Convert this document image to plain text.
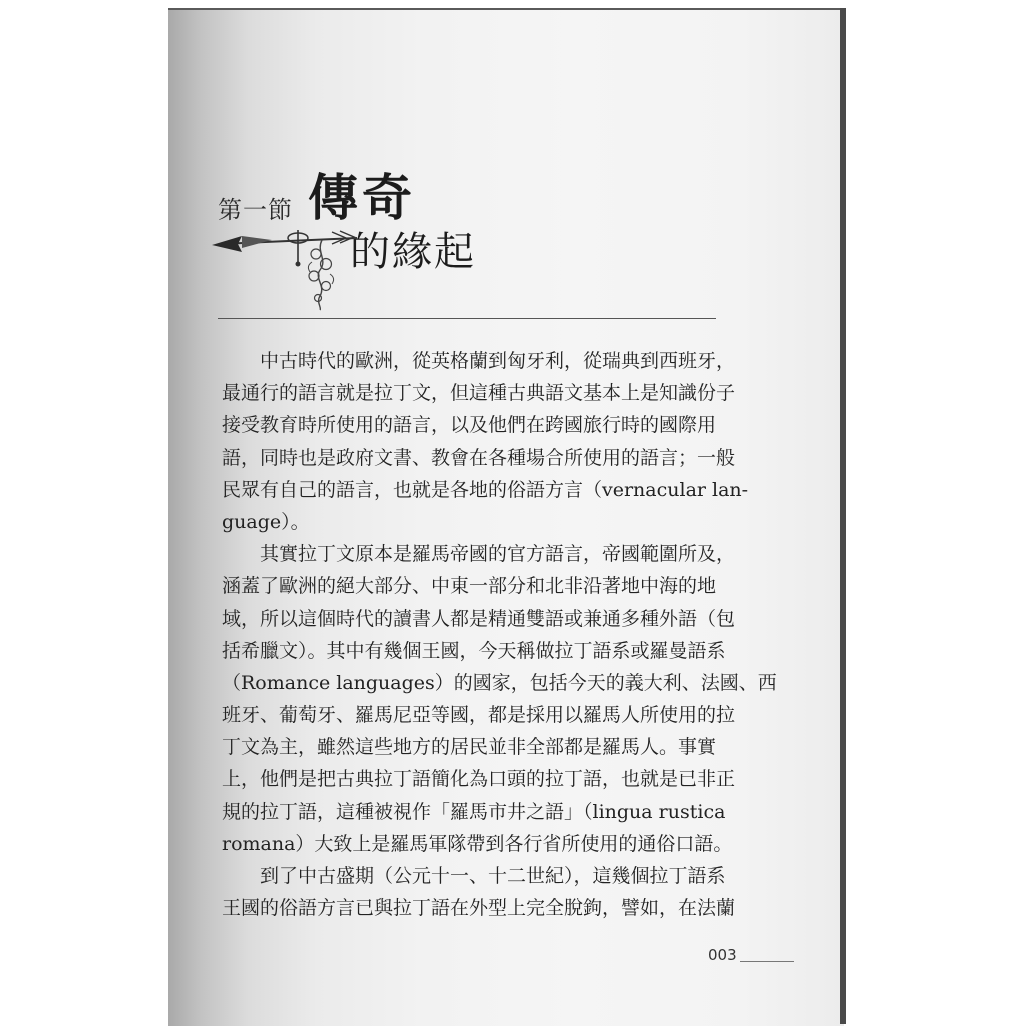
第一節 傳奇
的緣起
中古時代的歐洲，從英格蘭到匈牙利，從瑞典到西班牙，
最通行的語言就是拉丁文，但這種古典語文基本上是知識份子
接受教育時所使用的語言，以及他們在跨國旅行時的國際用
語，同時也是政府文書、教會在各種場合所使用的語言；一般
民眾有自己的語言，也就是各地的俗語方言（vernacular lan-
guage）。
其實拉丁文原本是羅馬帝國的官方語言，帝國範圍所及，
涵蓋了歐洲的絕大部分、中東一部分和北非沿著地中海的地
域，所以這個時代的讀書人都是精通雙語或兼通多種外語（包
括希臘文）。其中有幾個王國，今天稱做拉丁語系或羅曼語系
（Romance languages）的國家，包括今天的義大利、法國、西
班牙、葡萄牙、羅馬尼亞等國，都是採用以羅馬人所使用的拉
丁文為主，雖然這些地方的居民並非全部都是羅馬人。事實
上，他們是把古典拉丁語簡化為口頭的拉丁語，也就是已非正
規的拉丁語，這種被視作「羅馬市井之語」（lingua rustica
romana）大致上是羅馬軍隊帶到各行省所使用的通俗口語。
到了中古盛期（公元十一、十二世紀），這幾個拉丁語系
王國的俗語方言已與拉丁語在外型上完全脫鉤，譬如，在法蘭
003
